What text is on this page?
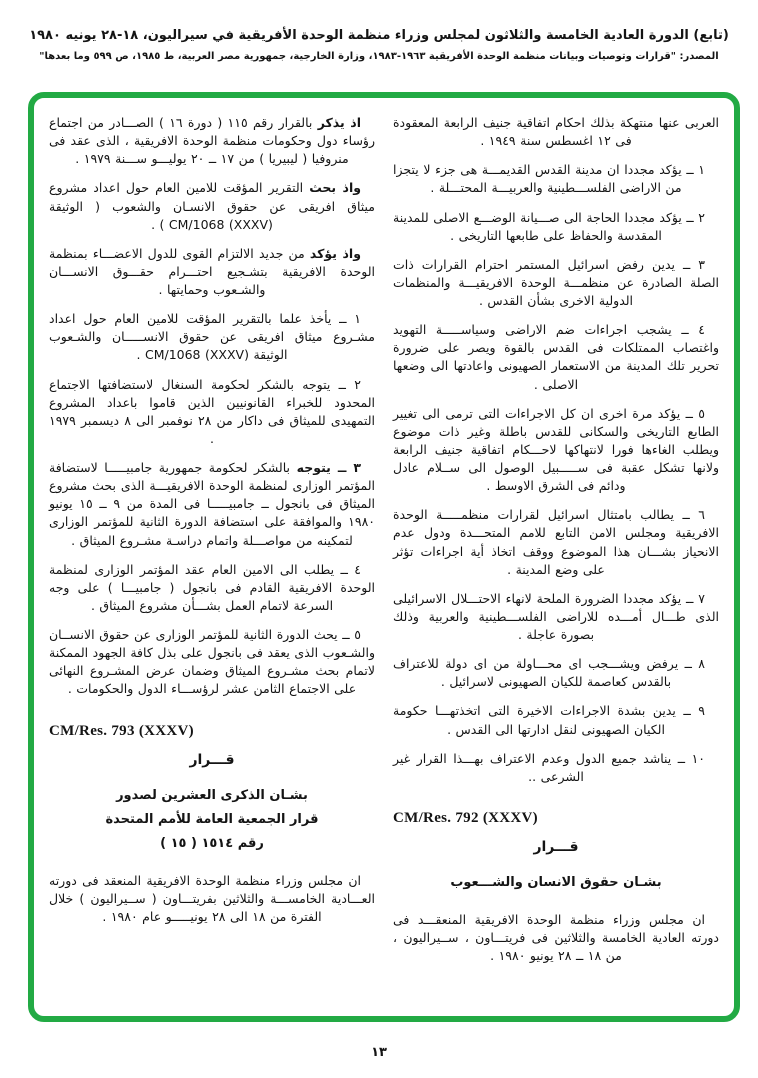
(تابع) الدورة العادية الخامسة والثلاثون لمجلس وزراء منظمة الوحدة الأفريقية في سيراليون، ١٨-٢٨ يونيه ١٩٨٠
المصدر: "قرارات وتوصيات وبيانات منظمة الوحدة الأفريقية ١٩٦٣-١٩٨٣، وزارة الخارجية، جمهورية مصر العربية، ط ١٩٨٥، ص ٥٩٩ وما بعدها"

العربى عنها منتهكة بذلك احكام اتفاقية جنيف الرابعة المعقودة فى ١٢ اغسطس سنة ١٩٤٩ .

١ ــ يؤكد مجددا ان مدينة القدس القديمـــة هى جزء لا يتجزا من الاراضى الفلســـطينية والعربيـــة المحتـــلة .

٢ ــ يؤكد مجددا الحاجة الى صـــيانة الوضـــع الاصلى للمدينة المقدسة والحفاظ على طابعها التاريخى .

٣ ــ يدين رفض اسرائيل المستمر احترام القرارات ذات الصلة الصادرة عن منظمـــة الوحدة الافريقيـــة والمنظمات الدولية الاخرى بشأن القدس .

٤ ــ يشجب اجراءات ضم الاراضى وسياســـــة التهويد واغتصاب الممتلكات فى القدس بالقوة ويصر على ضرورة تحرير تلك المدينة من الاستعمار الصهيونى واعادتها الى وضعها الاصلى .

٥ ــ يؤكد مرة اخرى ان كل الاجراءات التى ترمى الى تغيير الطابع التاريخى والسكانى للقدس باطلة وغير ذات موضوع ويطلب الغاءها فورا لانتهاكها لاحـــكام اتفاقية جنيف الرابعة ولانها تشكل عقبة فى ســـــبيل الوصول الى ســلام عادل ودائم فى الشرق الاوسط .

٦ ــ يطالب بامتثال اسرائيل لقرارات منظمـــــة الوحدة الافريقية ومجلس الامن التابع للامم المتحـــدة ودول عدم الانحياز بشـــان هذا الموضوع ووقف اتخاذ أية اجراءات تؤثر على وضع المدينة .

٧ ــ يؤكد مجددا الضرورة الملحة لانهاء الاحتـــلال الاسرائيلى الذى طـــال أمـــده للاراضى الفلســـطينية والعربية وذلك بصورة عاجلة .

٨ ــ يرفض ويشـــجب اى محـــاولة من اى دولة للاعتراف بالقدس كعاصمة للكيان الصهيونى لاسرائيل .

٩ ــ يدين بشدة الاجراءات الاخيرة التى اتخذتهـــا حكومة الكيان الصهيونى لنقل ادارتها الى القدس .

١٠ ــ يناشد جميع الدول وعدم الاعتراف بهـــذا القرار غير الشرعى ..

CM/Res. 792 (XXXV)
قـــرار
بشـان حقوق الانسان والشـــعوب

ان مجلس وزراء منظمة الوحدة الافريقية المنعقـــد فى دورته العادية الخامسة والثلاثين فى فريتـــاون ، ســيراليون ، من ١٨ ــ ٢٨ يونيو ١٩٨٠ .

اذ يذكر بالقرار رقم ١١٥ ( دورة ١٦ ) الصـــادر من اجتماع رؤساء دول وحكومات منظمة الوحدة الافريقية ، الذى عقد فى منروفيا ( ليبيريا ) من ١٧ ــ ٢٠ يوليـــو ســـنة ١٩٧٩ .

واذ بحث التقرير المؤقت للامين العام حول اعداد مشروع ميثاق افريقى عن حقوق الانسـان والشعوب ( الوثيقة ‎CM/1068 (XXXV)‎ ) .

واذ يؤكد من جديد الالتزام القوى للدول الاعضـــاء بمنظمة الوحدة الافريقية بتشـجيع احتـــرام حقـــوق الانســـان والشـعوب وحمايتها .

١ ــ يأخذ علما بالتقرير المؤقت للامين العام حول اعداد مشـروع ميثاق افريقى عن حقوق الانســـــان والشـعوب الوثيقة ‎CM/1068 (XXXV)‎ .

٢ ــ يتوجه بالشكر لحكومة السنغال لاستضافتها الاجتماع المحدود للخبراء القانونيين الذين قاموا باعداد المشروع التمهيدى للميثاق فى داكار من ٢٨ نوفمبر الى ٨ ديسمبر ١٩٧٩ .

٣ ــ يتوجه بالشكر لحكومة جمهورية جامبيـــــا لاستضافة المؤتمر الوزارى لمنظمة الوحدة الافريقيـــة الذى بحث مشروع الميثاق فى بانجول ــ جامبيـــــا فى المدة من ٩ ــ ١٥ يونيو ١٩٨٠ والموافقة على استضافة الدورة الثانية للمؤتمر الوزارى لتمكينه من مواصـــلة واتمام دراسـة مشـروع الميثاق .

٤ ــ يطلب الى الامين العام عقد المؤتمر الوزارى لمنظمة الوحدة الافريقية القادم فى بانجول ( جامبيـــا ) على وجه السرعة لاتمام العمل بشـــأن مشروع الميثاق .

٥ ــ يحث الدورة الثانية للمؤتمر الوزارى عن حقوق الانســان والشـعوب الذى يعقد فى بانجول على بذل كافة الجهود الممكنة لاتمام بحث مشـروع الميثاق وضمان عرض المشـروع النهائى على الاجتماع الثامن عشر لرؤســـاء الدول والحكومات .

CM/Res. 793 (XXXV)
قـــرار
بشـان الذكرى العشرين لصدور
قرار الجمعية العامة للأمم المتحدة
رقم ١٥١٤ ( ١٥ )

ان مجلس وزراء منظمة الوحدة الافريقية المنعقد فى دورته العـــادية الخامســـة والثلاثين بفريتـــاون ( ســيراليون ) خلال الفترة من ١٨ الى ٢٨ يونيـــــو عام ١٩٨٠ .

١٣
